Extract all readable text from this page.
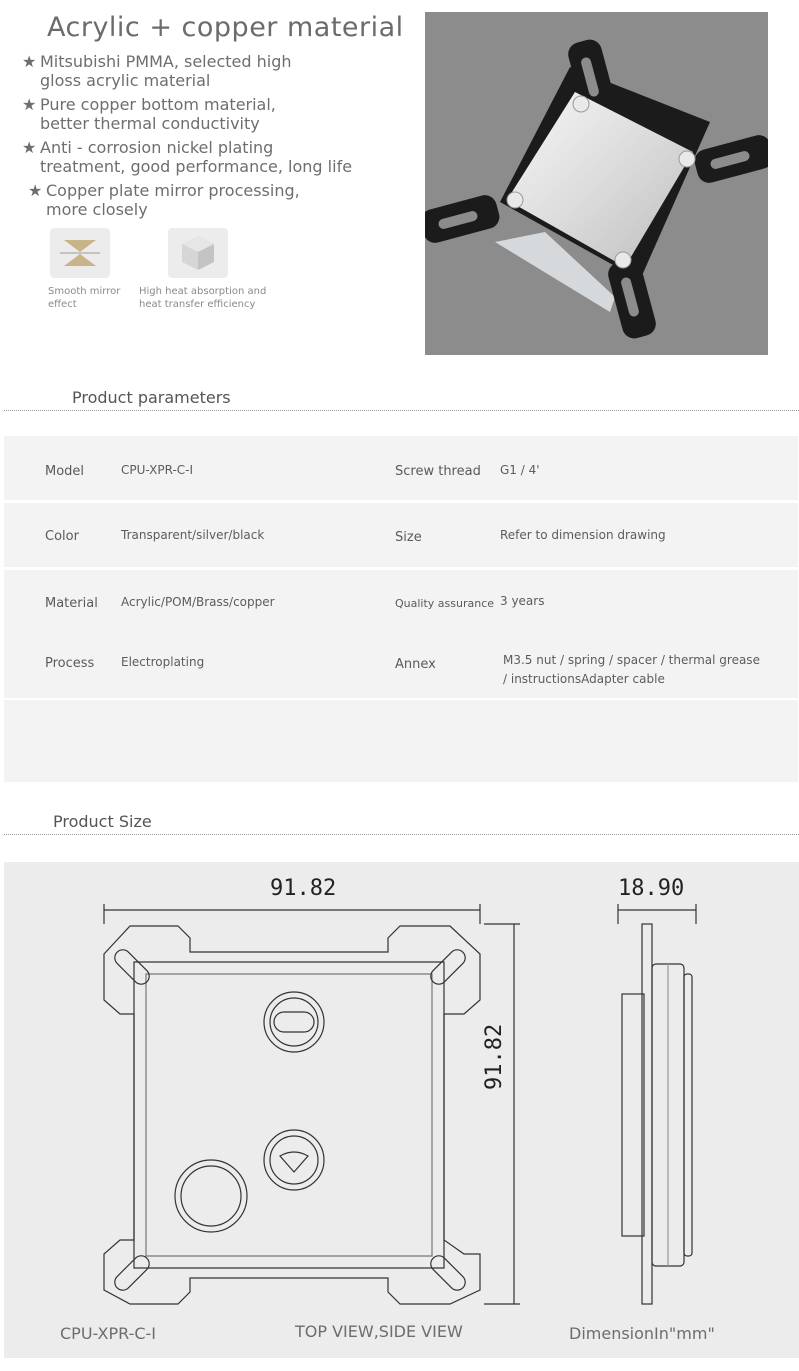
Acrylic + copper material
★ Mitsubishi PMMA, selected high
gloss acrylic material
★ Pure copper bottom material,
better thermal conductivity
★ Anti - corrosion nickel plating
treatment, good performance, long life
★ Copper plate mirror processing,
more closely
Smooth mirror
effect
High heat absorption and
heat transfer efficiency
Product parameters
Model	CPU-XPR-C-I	Screw thread G1 / 4'
Color	Transparent/silver/black	Size	Refer to dimension drawing
Material Acrylic/POM/Brass/copper	Quality assurance 3 years
Process Electroplating	Annex	M3.5 nut / spring / spacer / thermal grease
/ instructionsAdapter cable
Product Size
91.82	18.90
91.82
CPU-XPR-C-I	TOP VIEW,SIDE VIEW	DimensionIn"mm"
